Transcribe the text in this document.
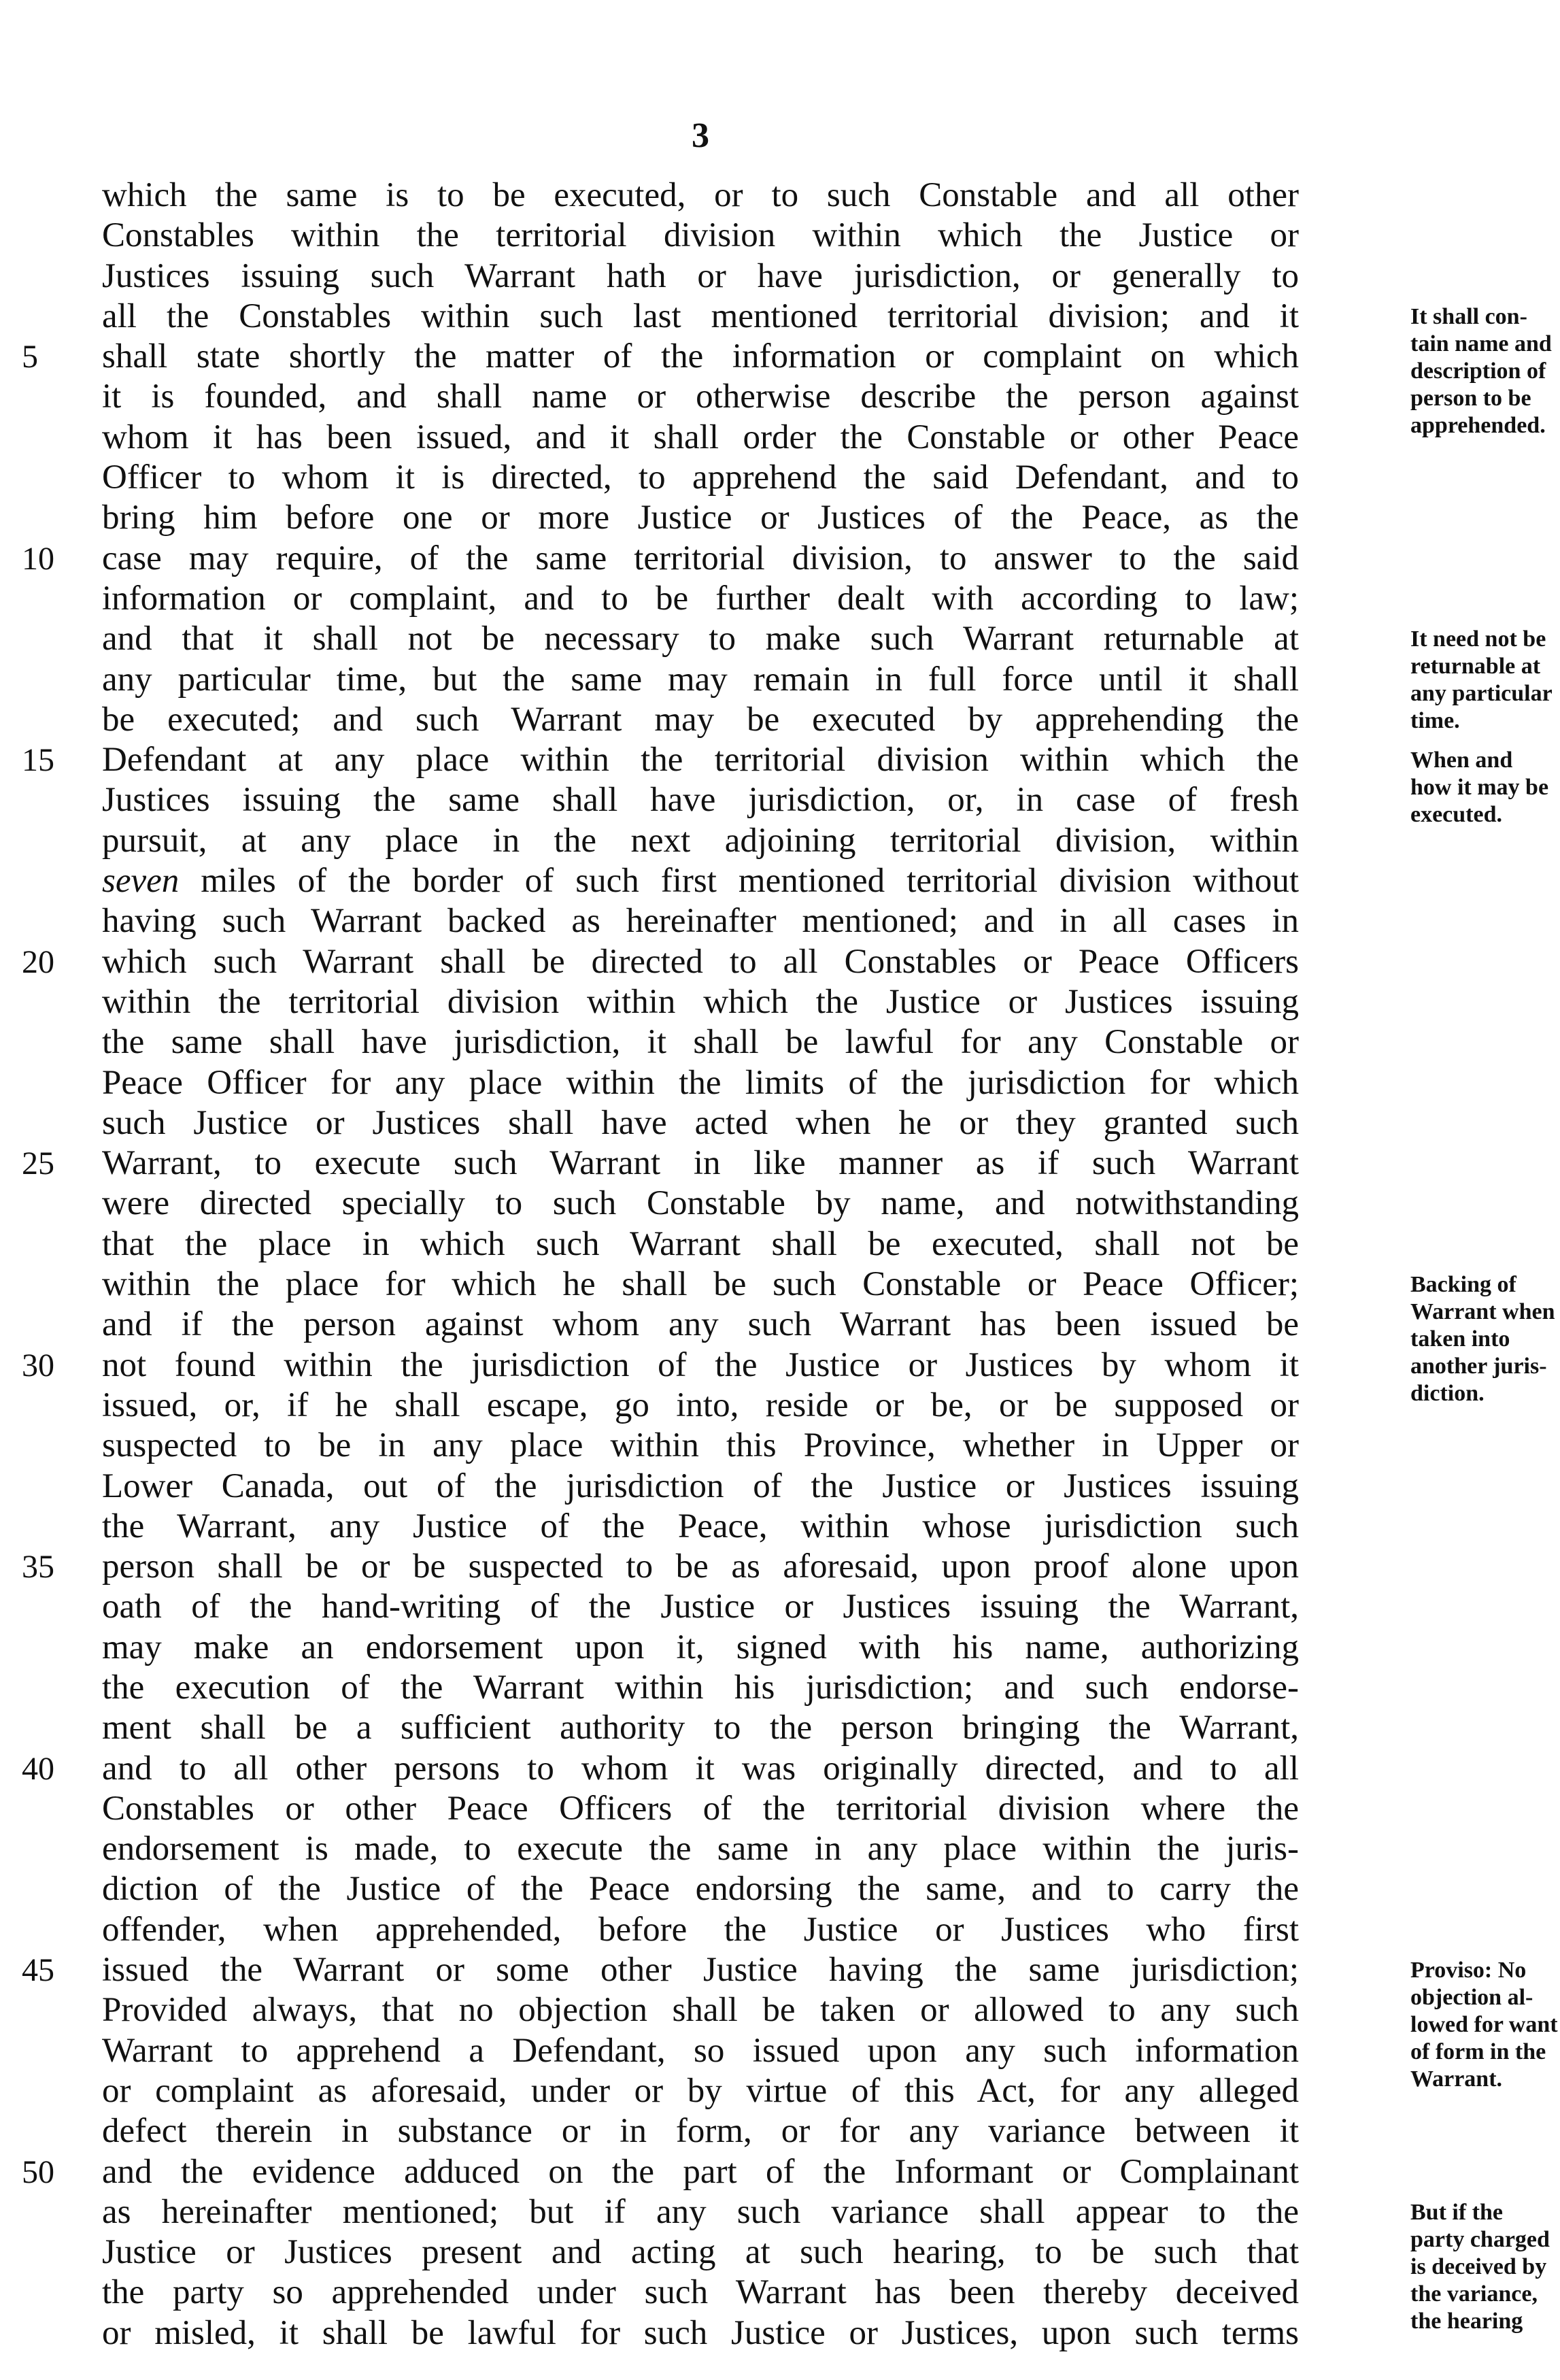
3
which the same is to be executed, or to such Constable and all other
Constables within the territorial division within which the Justice or
Justices issuing such Warrant hath or have jurisdiction, or generally to
all the Constables within such last mentioned territorial division; and it
5	shall state shortly the matter of the information or complaint on which
it is founded, and shall name or otherwise describe the person against
whom it has been issued, and it shall order the Constable or other Peace
Officer to whom it is directed, to apprehend the said Defendant, and to
bring him before one or more Justice or Justices of the Peace, as the
10	case may require, of the same territorial division, to answer to the said
information or complaint, and to be further dealt with according to law;
and that it shall not be necessary to make such Warrant returnable at
any particular time, but the same may remain in full force until it shall
be executed; and such Warrant may be executed by apprehending the
15	Defendant at any place within the territorial division within which the
Justices issuing the same shall have jurisdiction, or, in case of fresh
pursuit, at any place in the next adjoining territorial division, within
seven miles of the border of such first mentioned territorial division without
having such Warrant backed as hereinafter mentioned; and in all cases in
20	which such Warrant shall be directed to all Constables or Peace Officers
within the territorial division within which the Justice or Justices issuing
the same shall have jurisdiction, it shall be lawful for any Constable or
Peace Officer for any place within the limits of the jurisdiction for which
such Justice or Justices shall have acted when he or they granted such
25	Warrant, to execute such Warrant in like manner as if such Warrant
were directed specially to such Constable by name, and notwithstanding
that the place in which such Warrant shall be executed, shall not be
within the place for which he shall be such Constable or Peace Officer;
and if the person against whom any such Warrant has been issued be
30	not found within the jurisdiction of the Justice or Justices by whom it
issued, or, if he shall escape, go into, reside or be, or be supposed or
suspected to be in any place within this Province, whether in Upper or
Lower Canada, out of the jurisdiction of the Justice or Justices issuing
the Warrant, any Justice of the Peace, within whose jurisdiction such
35	person shall be or be suspected to be as aforesaid, upon proof alone upon
oath of the hand-writing of the Justice or Justices issuing the Warrant,
may make an endorsement upon it, signed with his name, authorizing
the execution of the Warrant within his jurisdiction; and such endorse-
ment shall be a sufficient authority to the person bringing the Warrant,
40	and to all other persons to whom it was originally directed, and to all
Constables or other Peace Officers of the territorial division where the
endorsement is made, to execute the same in any place within the juris-
diction of the Justice of the Peace endorsing the same, and to carry the
offender, when apprehended, before the Justice or Justices who first
45	issued the Warrant or some other Justice having the same jurisdiction;
Provided always, that no objection shall be taken or allowed to any such
Warrant to apprehend a Defendant, so issued upon any such information
or complaint as aforesaid, under or by virtue of this Act, for any alleged
defect therein in substance or in form, or for any variance between it
50	and the evidence adduced on the part of the Informant or Complainant
as hereinafter mentioned; but if any such variance shall appear to the
Justice or Justices present and acting at such hearing, to be such that
the party so apprehended under such Warrant has been thereby deceived
or misled, it shall be lawful for such Justice or Justices, upon such terms
It shall con-
tain name and
description of
person to be
apprehended.
It need not be
returnable at
any particular
time.
When and
how it may be
executed.
Backing of
Warrant when
taken into
another juris-
diction.
Proviso: No
objection al-
lowed for want
of form in the
Warrant.
But if the
party charged
is deceived by
the variance,
the hearing
